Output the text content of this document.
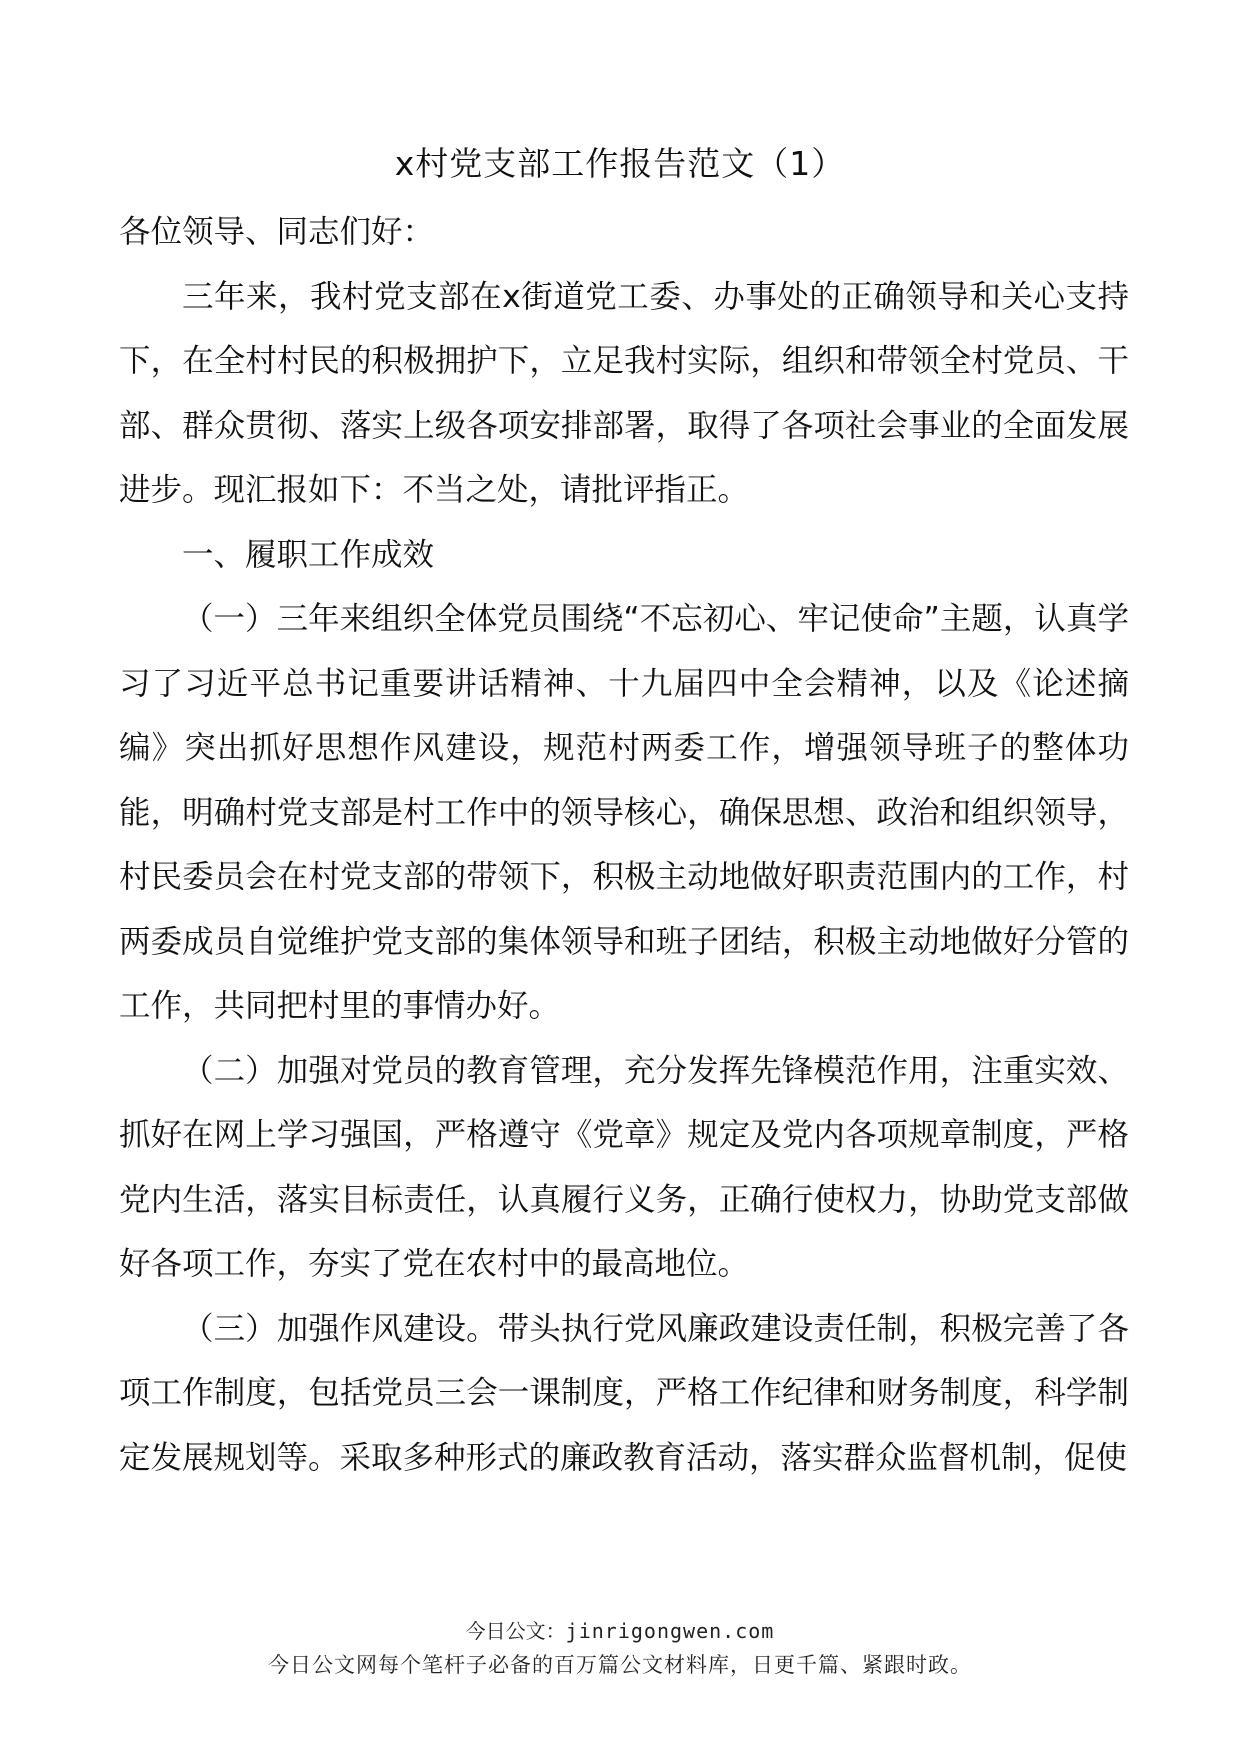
x村党支部工作报告范文（1）

各位领导、同志们好：

三年来，我村党支部在x街道党工委、办事处的正确领导和关心支持下，在全村村民的积极拥护下，立足我村实际，组织和带领全村党员、干部、群众贯彻、落实上级各项安排部署，取得了各项社会事业的全面发展进步。现汇报如下：不当之处，请批评指正。

一、履职工作成效

（一）三年来组织全体党员围绕“不忘初心、牢记使命”主题，认真学习了习近平总书记重要讲话精神、十九届四中全会精神，以及《论述摘编》突出抓好思想作风建设，规范村两委工作，增强领导班子的整体功能，明确村党支部是村工作中的领导核心，确保思想、政治和组织领导，村民委员会在村党支部的带领下，积极主动地做好职责范围内的工作，村两委成员自觉维护党支部的集体领导和班子团结，积极主动地做好分管的工作，共同把村里的事情办好。

（二）加强对党员的教育管理，充分发挥先锋模范作用，注重实效、抓好在网上学习强国，严格遵守《党章》规定及党内各项规章制度，严格党内生活，落实目标责任，认真履行义务，正确行使权力，协助党支部做好各项工作，夯实了党在农村中的最高地位。

（三）加强作风建设。带头执行党风廉政建设责任制，积极完善了各项工作制度，包括党员三会一课制度，严格工作纪律和财务制度，科学制定发展规划等。采取多种形式的廉政教育活动，落实群众监督机制，促使

今日公文：jinrigongwen.com
今日公文网每个笔杆子必备的百万篇公文材料库，日更千篇、紧跟时政。
